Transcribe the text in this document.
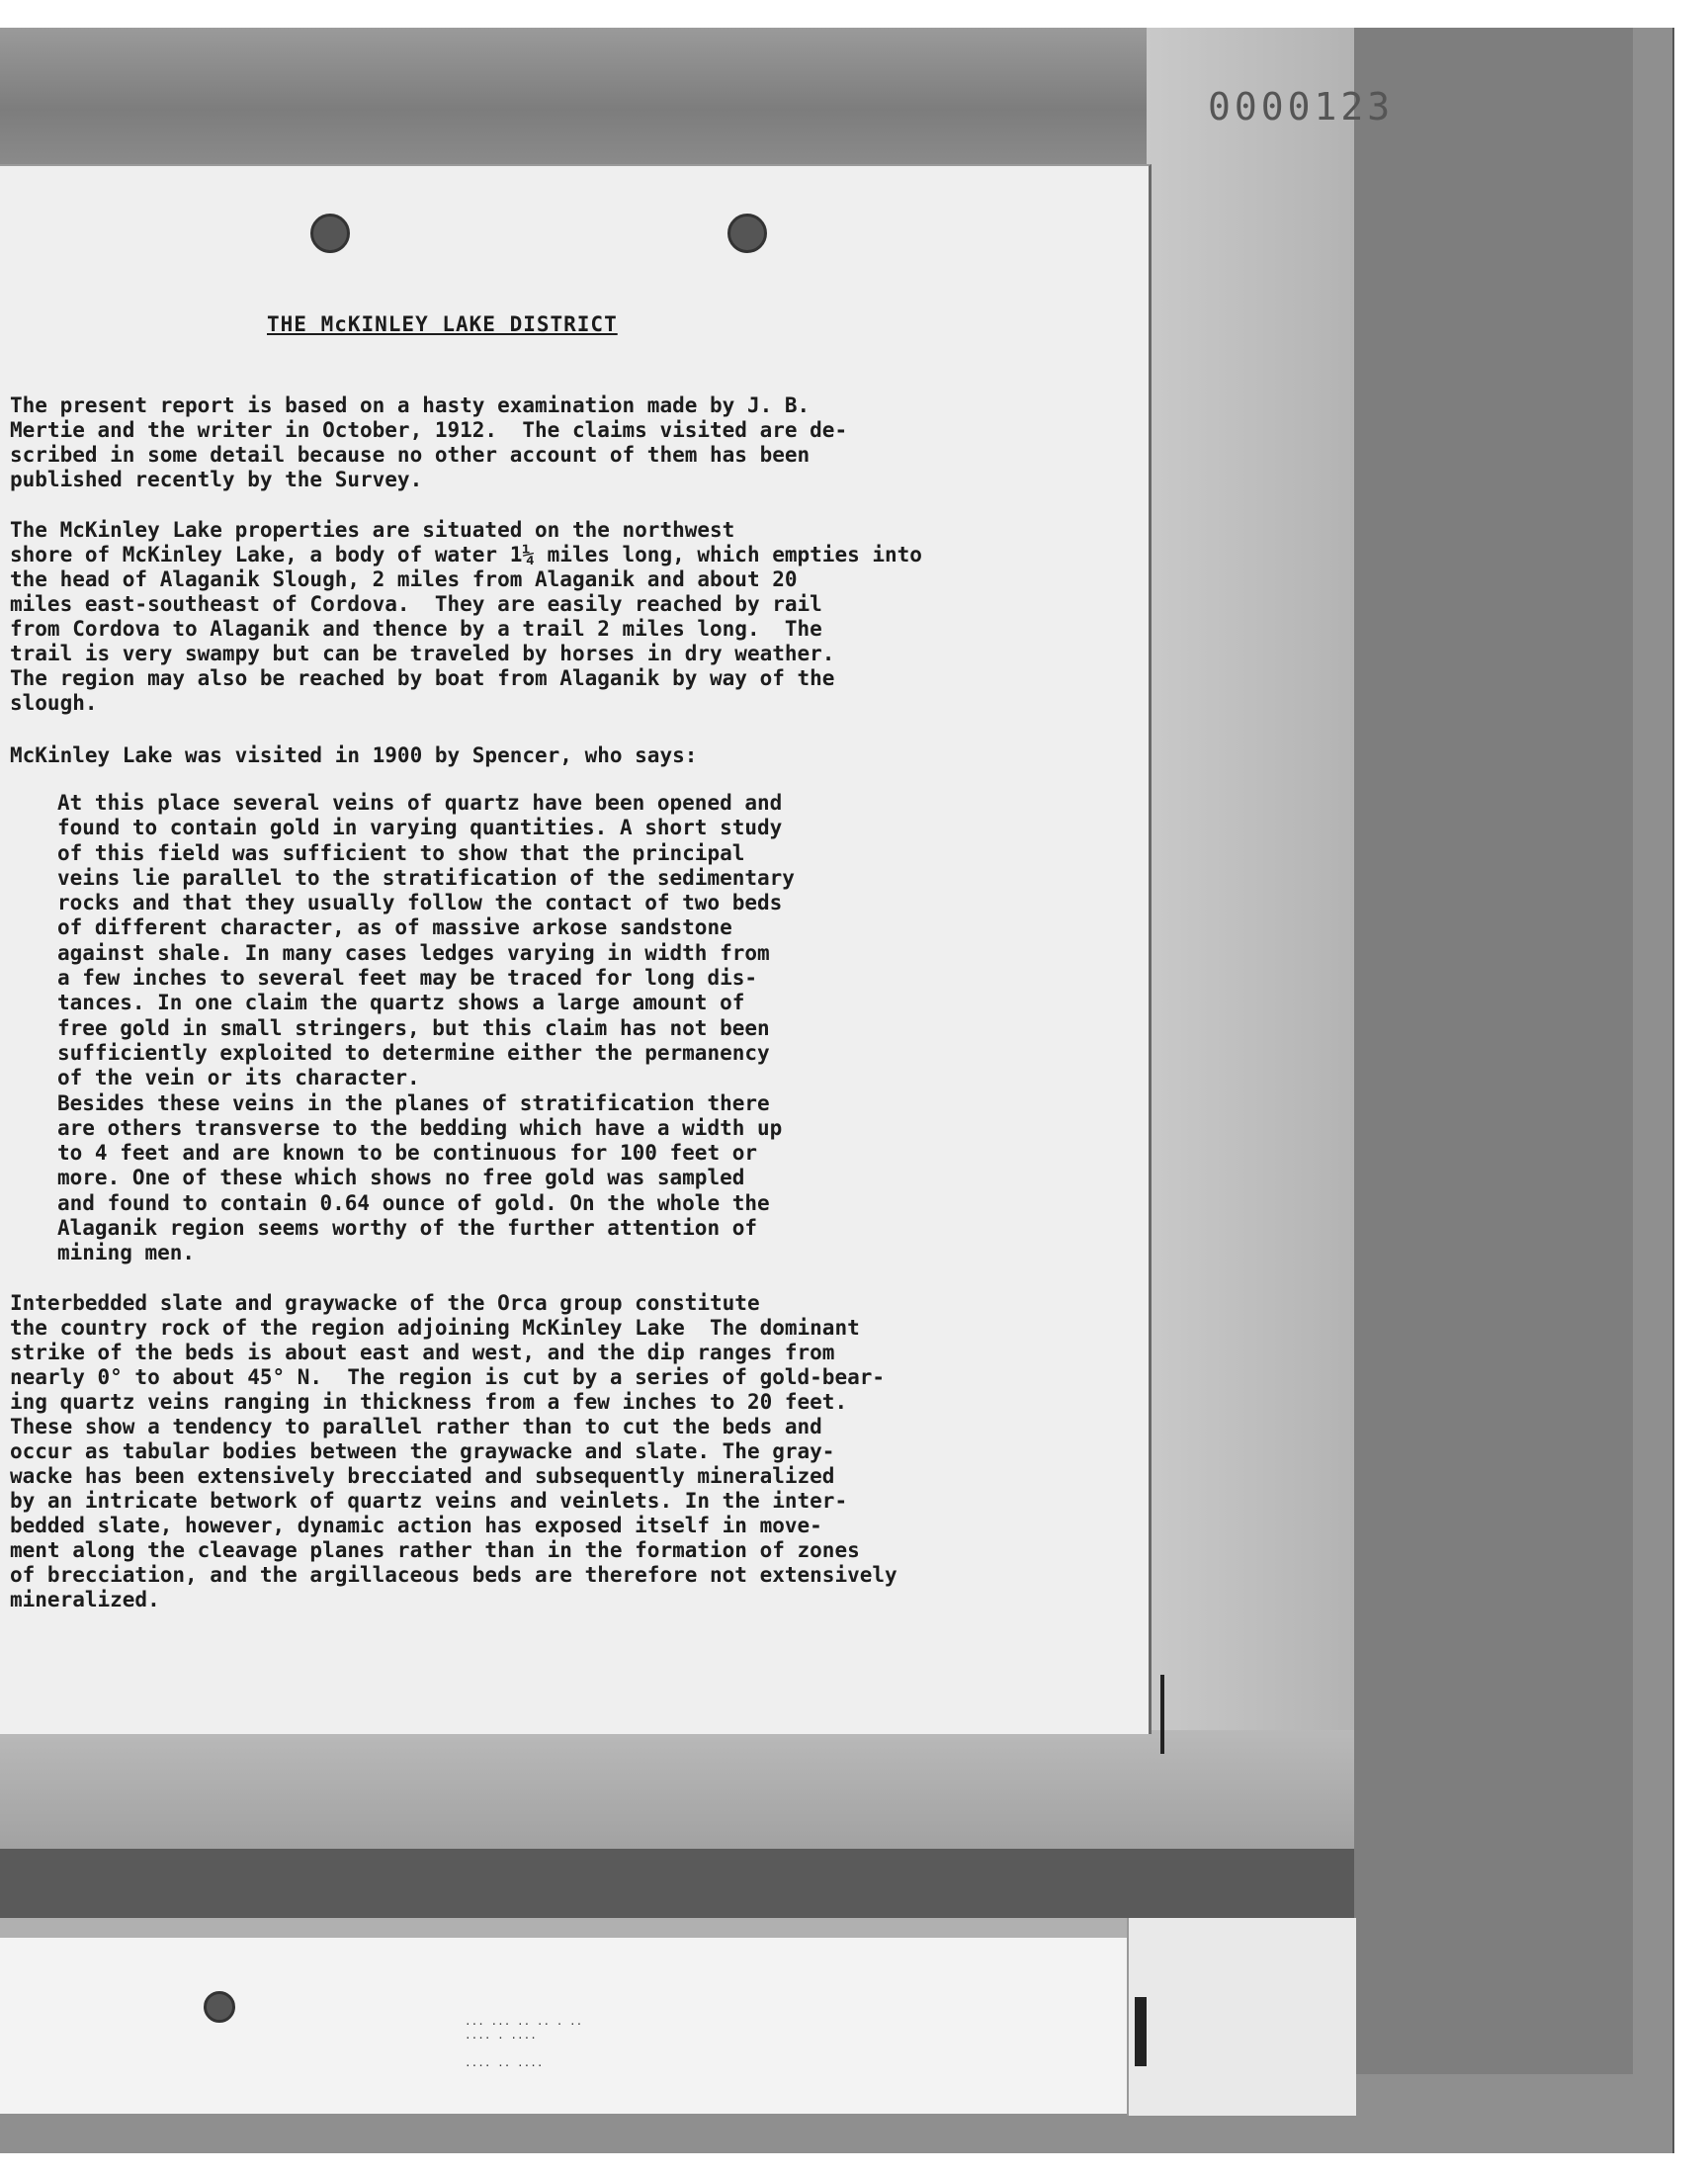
0000123
THE McKINLEY LAKE DISTRICT

The present report is based on a hasty examination made by J. B.
Mertie and the writer in October, 1912.  The claims visited are de-
scribed in some detail because no other account of them has been
published recently by the Survey.

The McKinley Lake properties are situated on the northwest
shore of McKinley Lake, a body of water 1¼ miles long, which empties into
the head of Alaganik Slough, 2 miles from Alaganik and about 20
miles east-southeast of Cordova.  They are easily reached by rail
from Cordova to Alaganik and thence by a trail 2 miles long.  The
trail is very swampy but can be traveled by horses in dry weather.
The region may also be reached by boat from Alaganik by way of the
slough.

McKinley Lake was visited in 1900 by Spencer, who says:

At this place several veins of quartz have been opened and
found to contain gold in varying quantities. A short study
of this field was sufficient to show that the principal
veins lie parallel to the stratification of the sedimentary
rocks and that they usually follow the contact of two beds
of different character, as of massive arkose sandstone
against shale. In many cases ledges varying in width from
a few inches to several feet may be traced for long dis-
tances. In one claim the quartz shows a large amount of
free gold in small stringers, but this claim has not been
sufficiently exploited to determine either the permanency
of the vein or its character.

Besides these veins in the planes of stratification there
are others transverse to the bedding which have a width up
to 4 feet and are known to be continuous for 100 feet or
more. One of these which shows no free gold was sampled
and found to contain 0.64 ounce of gold. On the whole the
Alaganik region seems worthy of the further attention of
mining men.

Interbedded slate and graywacke of the Orca group constitute
the country rock of the region adjoining McKinley Lake  The dominant
strike of the beds is about east and west, and the dip ranges from
nearly 0° to about 45° N.  The region is cut by a series of gold-bear-
ing quartz veins ranging in thickness from a few inches to 20 feet.
These show a tendency to parallel rather than to cut the beds and
occur as tabular bodies between the graywacke and slate. The gray-
wacke has been extensively brecciated and subsequently mineralized
by an intricate betwork of quartz veins and veinlets. In the inter-
bedded slate, however, dynamic action has exposed itself in move-
ment along the cleavage planes rather than in the formation of zones
of brecciation, and the argillaceous beds are therefore not extensively
mineralized.

... ... .. .. . ..
.... . ....

.... .. ....
